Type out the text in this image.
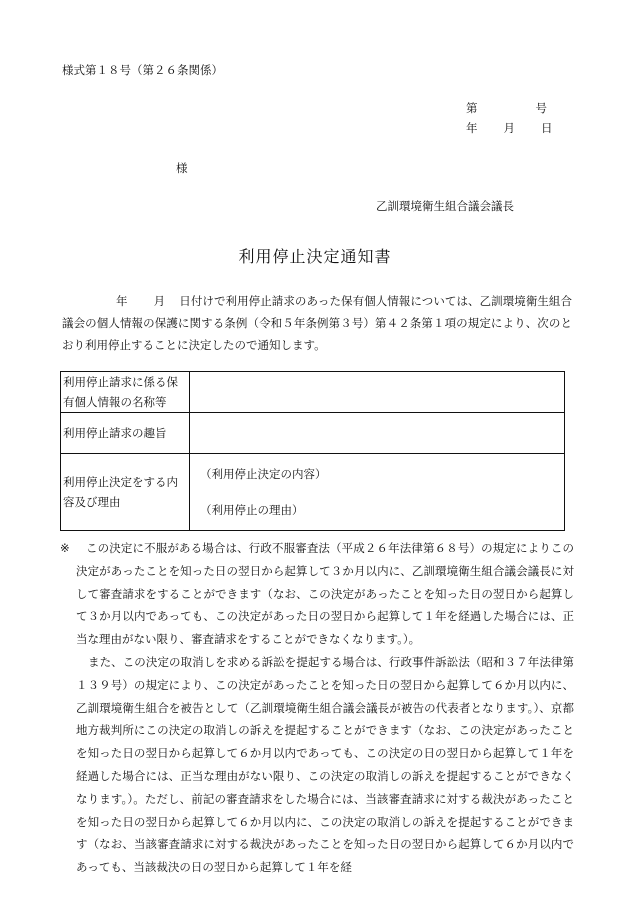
様式第１８号（第２６条関係）
第	号
年 月 日
様
乙訓環境衛生組合議会議長
利用停止決定通知書
年 月 日付けで利用停止請求のあった保有個人情報については、乙訓環境衛生組合議会の個人情報の保護に関する条例（令和５年条例第３号）第４２条第１項の規定により、次のとおり利用停止することに決定したので通知します。
利用停止請求に係る保有個人情報の名称等	
利用停止請求の趣旨	
利用停止決定をする内容及び理由	（利用停止決定の内容）
（利用停止の理由）
※ この決定に不服がある場合は、行政不服審査法（平成２６年法律第６８号）の規定によりこの決定があったことを知った日の翌日から起算して３か月以内に、乙訓環境衛生組合議会議長に対して審査請求をすることができます（なお、この決定があったことを知った日の翌日から起算して３か月以内であっても、この決定があった日の翌日から起算して１年を経過した場合には、正当な理由がない限り、審査請求をすることができなくなります。）。
また、この決定の取消しを求める訴訟を提起する場合は、行政事件訴訟法（昭和３７年法律第１３９号）の規定により、この決定があったことを知った日の翌日から起算して６か月以内に、乙訓環境衛生組合を被告として（乙訓環境衛生組合議会議長が被告の代表者となります。）、京都地方裁判所にこの決定の取消しの訴えを提起することができます（なお、この決定があったことを知った日の翌日から起算して６か月以内であっても、この決定の日の翌日から起算して１年を経過した場合には、正当な理由がない限り、この決定の取消しの訴えを提起することができなくなります。）。ただし、前記の審査請求をした場合には、当該審査請求に対する裁決があったことを知った日の翌日から起算して６か月以内に、この決定の取消しの訴えを提起することができます（なお、当該審査請求に対する裁決があったことを知った日の翌日から起算して６か月以内であっても、当該裁決の日の翌日から起算して１年を経
